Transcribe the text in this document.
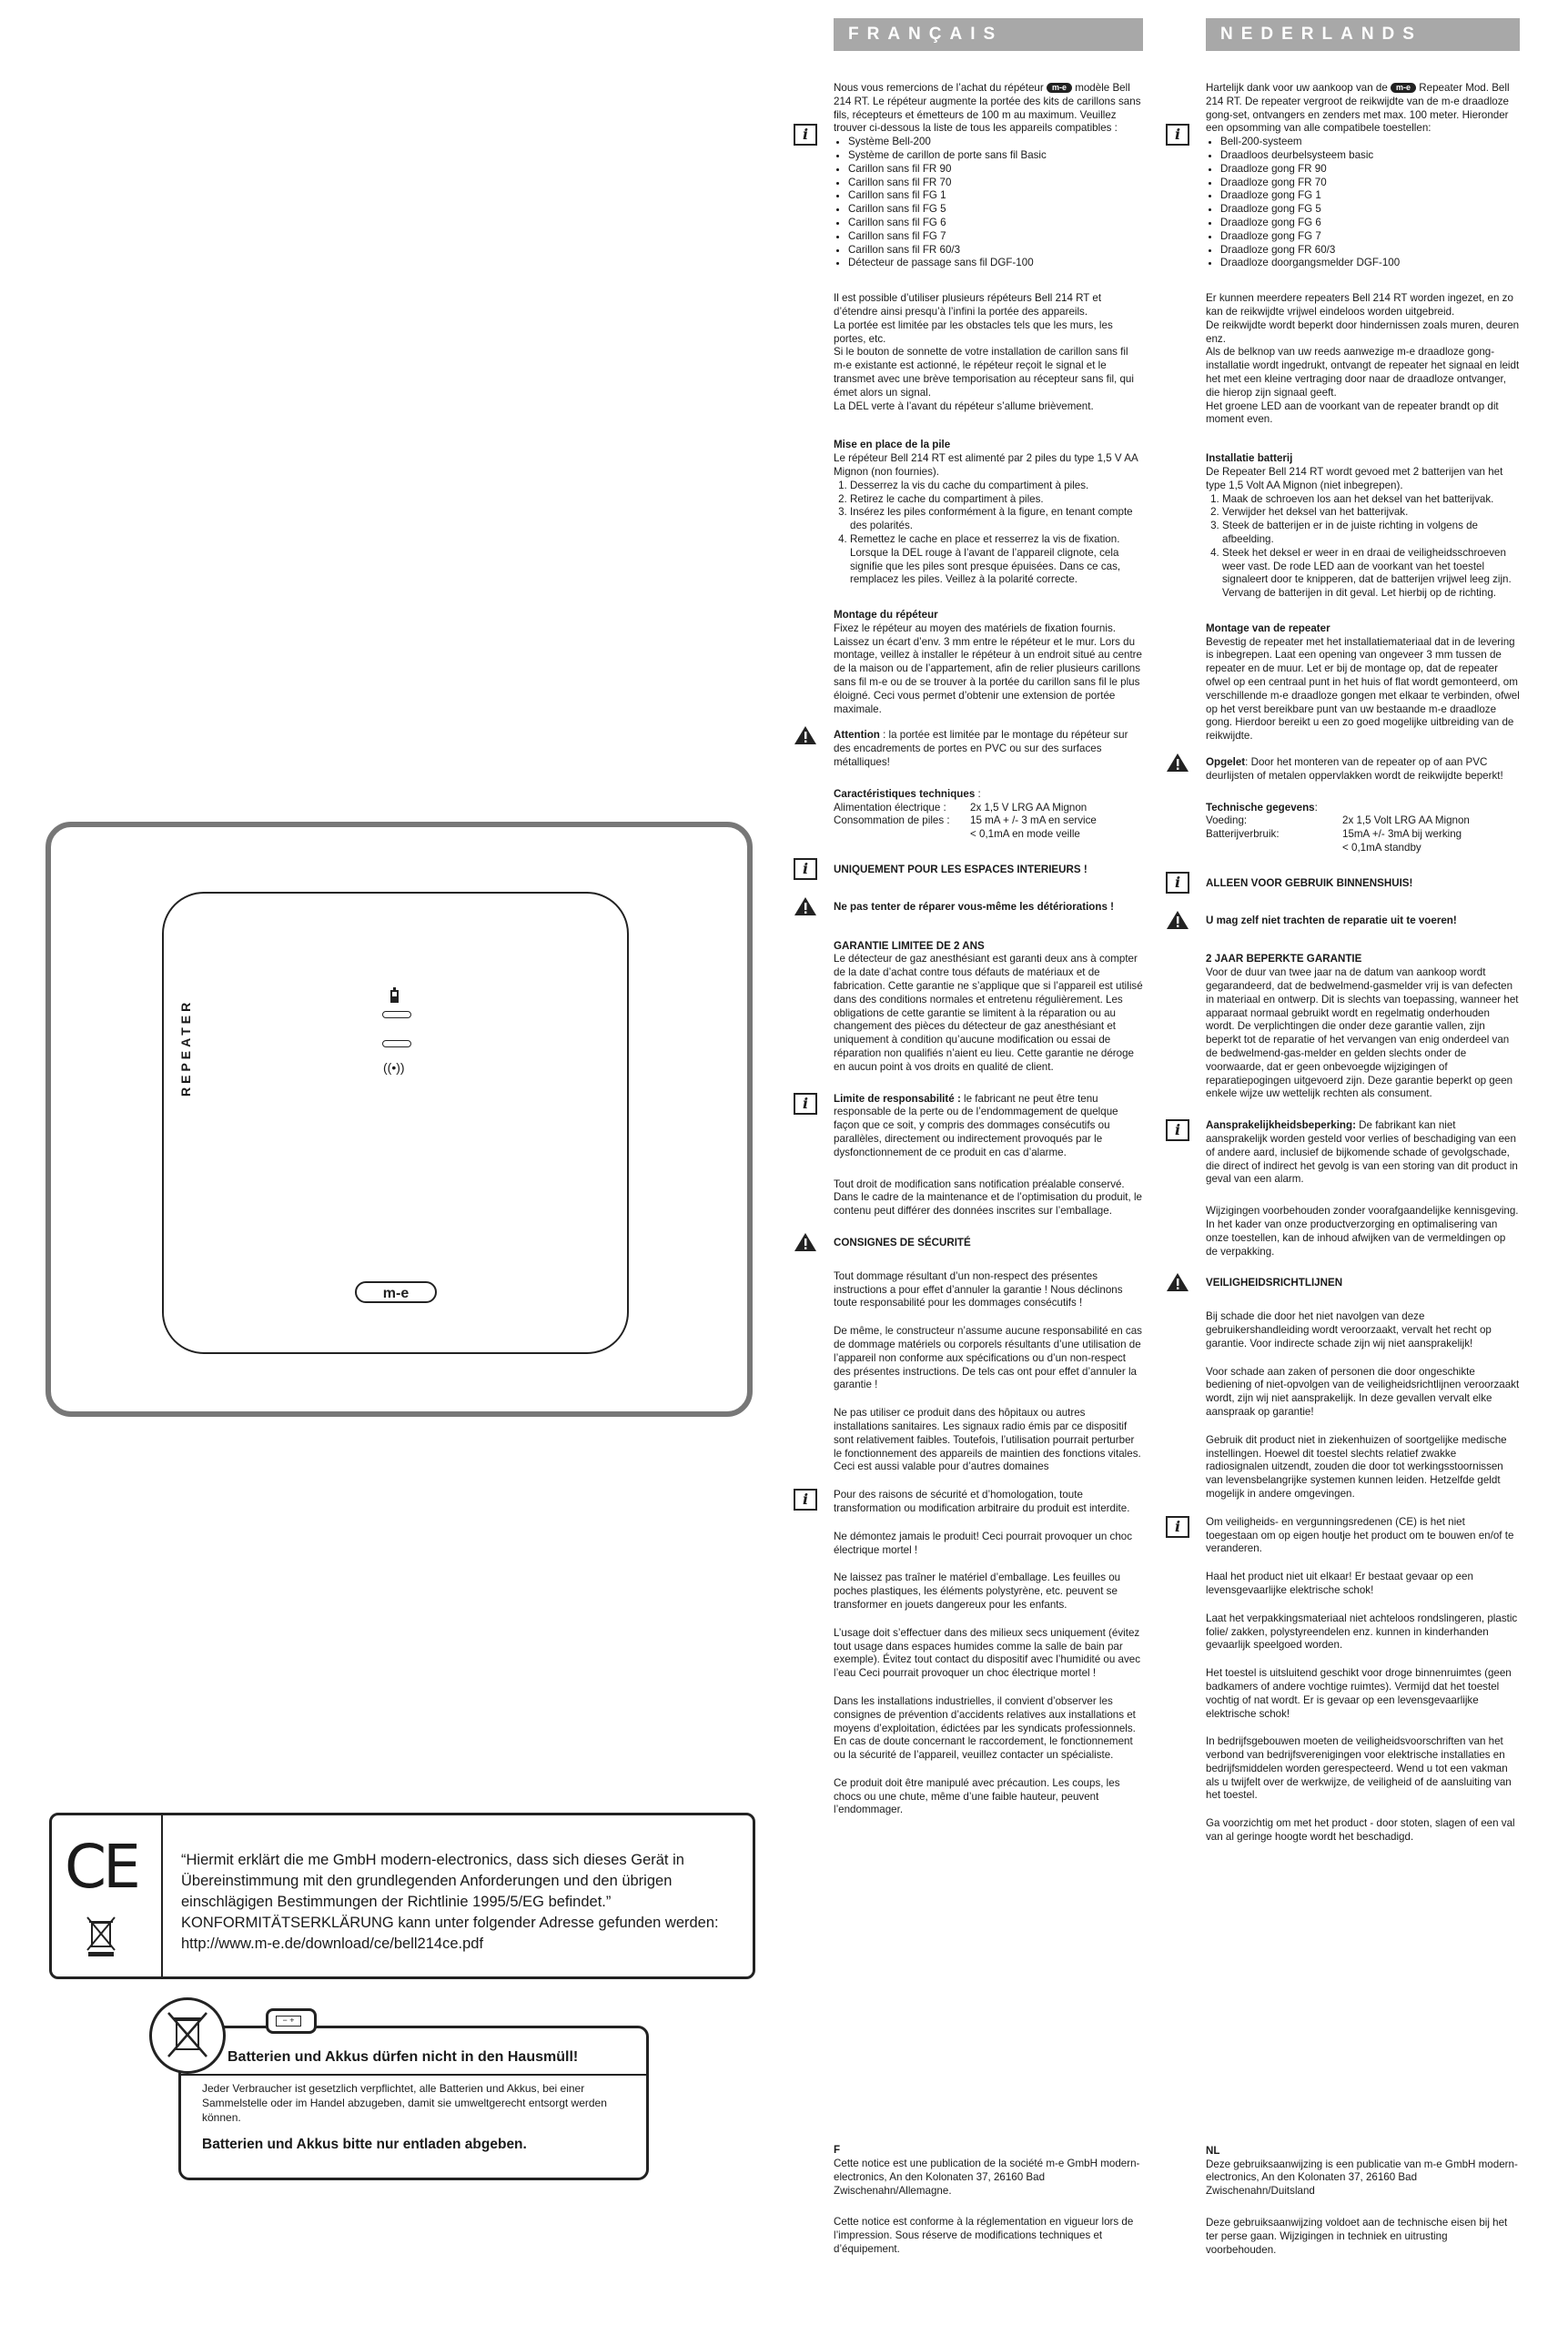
REPEATER	((•))
m-e
CE	“Hiermit erklärt die me GmbH modern-electronics, dass sich dieses Gerät in Übereinstimmung mit den grundlegenden Anforderungen und den übrigen einschlägigen Bestimmungen der Richtlinie 1995/5/EG befindet.” KONFORMITÄTSERKLÄRUNG kann unter folgender Adresse gefunden werden: http://www.m-e.de/download/ce/bell214ce.pdf
− +
Batterien und Akkus dürfen nicht in den Hausmüll!
Jeder Verbraucher ist gesetzlich verpflichtet, alle Batterien und Akkus, bei einer Sammelstelle oder im Handel abzugeben, damit sie umweltgerecht entsorgt werden können.
Batterien und Akkus bitte nur entladen abgeben.
FRANÇAIS
i

Nous vous remercions de l’achat du répéteur m-e modèle Bell 214 RT. Le répéteur augmente la portée des kits de carillons sans fils, récepteurs et émetteurs de 100 m au maximum. Veuillez trouver ci-dessous la liste de tous les appareils compatibles :

• Système Bell-200
• Système de carillon de porte sans fil Basic
• Carillon sans fil FR 90
• Carillon sans fil FR 70
• Carillon sans fil FG 1
• Carillon sans fil FG 5
• Carillon sans fil FG 6
• Carillon sans fil FG 7
• Carillon sans fil FR 60/3
• Détecteur de passage sans fil DGF-100

Il est possible d’utiliser plusieurs répéteurs Bell 214 RT et d’étendre ainsi presqu’à l’infini la portée des appareils.

La portée est limitée par les obstacles tels que les murs, les portes, etc.

Si le bouton de sonnette de votre installation de carillon sans fil m-e existante est actionné, le répéteur reçoit le signal et le transmet avec une brève temporisation au récepteur sans fil, qui émet alors un signal.

La DEL verte à l’avant du répéteur s’allume brièvement.

Mise en place de la pile

Le répéteur Bell 214 RT est alimenté par 2 piles du type 1,5 V AA Mignon (non fournies).

1. Desserrez la vis du cache du compartiment à piles.
2. Retirez le cache du compartiment à piles.
3. Insérez les piles conformément à la figure, en tenant compte des polarités.
4. Remettez le cache en place et resserrez la vis de fixation. Lorsque la DEL rouge à l’avant de l’appareil clignote, cela signifie que les piles sont presque épuisées. Dans ce cas, remplacez les piles. Veillez à la polarité correcte.

Montage du répéteur

Fixez le répéteur au moyen des matériels de fixation fournis. Laissez un écart d’env. 3 mm entre le répéteur et le mur. Lors du montage, veillez à installer le répéteur à un endroit situé au centre de la maison ou de l’appartement, afin de relier plusieurs carillons sans fil m-e ou de se trouver à la portée du carillon sans fil le plus éloigné. Ceci vous permet d’obtenir une extension de portée maximale.

Attention : la portée est limitée par le montage du répéteur sur des encadrements de portes en PVC ou sur des surfaces métalliques!

Caractéristiques techniques :

Alimentation électrique :	2x 1,5 V LRG AA Mignon
Consommation de piles :	15 mA + /- 3 mA en service
< 0,1mA en mode veille
i	UNIQUEMENT POUR LES ESPACES INTERIEURS !

Ne pas tenter de réparer vous-même les détériorations !

GARANTIE LIMITEE DE 2 ANS

Le détecteur de gaz anesthésiant est garanti deux ans à compter de la date d’achat contre tous défauts de matériaux et de fabrication. Cette garantie ne s’applique que si l’appareil est utilisé dans des conditions normales et entretenu régulièrement. Les obligations de cette garantie se limitent à la réparation ou au changement des pièces du détecteur de gaz anesthésiant et uniquement à condition qu’aucune modification ou essai de réparation non qualifiés n’aient eu lieu. Cette garantie ne déroge en aucun point à vos droits en qualité de client.

i	Limite de responsabilité : le fabricant ne peut être tenu responsable de la perte ou de l’endommagement de quelque façon que ce soit, y compris des dommages consécutifs ou parallèles, directement ou indirectement provoqués par le dysfonctionnement de ce produit en cas d’alarme.

Tout droit de modification sans notification préalable conservé. Dans le cadre de la maintenance et de l’optimisation du produit, le contenu peut différer des données inscrites sur l’emballage.

CONSIGNES DE SÉCURITÉ

Tout dommage résultant d’un non-respect des présentes instructions a pour effet d’annuler la garantie ! Nous déclinons toute responsabilité pour les dommages consécutifs !
De même, le constructeur n’assume aucune responsabilité en cas de dommage matériels ou corporels résultants d’une utilisation de l’appareil non conforme aux spécifications ou d’un non-respect des présentes instructions. De tels cas ont pour effet d’annuler la garantie !
Ne pas utiliser ce produit dans des hôpitaux ou autres installations sanitaires. Les signaux radio émis par ce dispositif sont relativement faibles. Toutefois, l’utilisation pourrait perturber le fonctionnement des appareils de maintien des fonctions vitales. Ceci est aussi valable pour d’autres domaines
i	Pour des raisons de sécurité et d’homologation, toute transformation ou modification arbitraire du produit est interdite.

Ne démontez jamais le produit! Ceci pourrait provoquer un choc électrique mortel !
Ne laissez pas traîner le matériel d’emballage. Les feuilles ou poches plastiques, les éléments polystyrène, etc. peuvent se transformer en jouets dangereux pour les enfants.
L’usage doit s’effectuer dans des milieux secs uniquement (évitez tout usage dans espaces humides comme la salle de bain par exemple). Évitez tout contact du dispositif avec l’humidité ou avec l’eau Ceci pourrait provoquer un choc électrique mortel !
Dans les installations industrielles, il convient d’observer les consignes de prévention d’accidents relatives aux installations et moyens d’exploitation, édictées par les syndicats professionnels. En cas de doute concernant le raccordement, le fonctionnement ou la sécurité de l’appareil, veuillez contacter un spécialiste.
Ce produit doit être manipulé avec précaution. Les coups, les chocs ou une chute, même d’une faible hauteur, peuvent l’endommager.

F

Cette notice est une publication de la société m-e GmbH modern-electronics, An den Kolonaten 37, 26160 Bad Zwischenahn/Allemagne.

Cette notice est conforme à la réglementation en vigueur lors de l’impression. Sous réserve de modifications techniques et d’équipement.
NEDERLANDS
i

Hartelijk dank voor uw aankoop van de m-e Repeater Mod. Bell 214 RT. De repeater vergroot de reikwijdte van de m-e draadloze gong-set, ontvangers en zenders met max. 100 meter. Hieronder een opsomming van alle compatibele toestellen:

• Bell-200-systeem
• Draadloos deurbelsysteem basic
• Draadloze gong FR 90
• Draadloze gong FR 70
• Draadloze gong FG 1
• Draadloze gong FG 5
• Draadloze gong FG 6
• Draadloze gong FG 7
• Draadloze gong FR 60/3
• Draadloze doorgangsmelder DGF-100

Er kunnen meerdere repeaters Bell 214 RT worden ingezet, en zo kan de reikwijdte vrijwel eindeloos worden uitgebreid.

De reikwijdte wordt beperkt door hindernissen zoals muren, deuren enz.

Als de belknop van uw reeds aanwezige m-e draadloze gong-installatie wordt ingedrukt, ontvangt de repeater het signaal en leidt het met een kleine vertraging door naar de draadloze ontvanger, die hierop zijn signaal geeft.

Het groene LED aan de voorkant van de repeater brandt op dit moment even.

Installatie batterij

De Repeater Bell 214 RT wordt gevoed met 2 batterijen van het type 1,5 Volt AA Mignon (niet inbegrepen).

1. Maak de schroeven los aan het deksel van het batterijvak.
2. Verwijder het deksel van het batterijvak.
3. Steek de batterijen er in de juiste richting in volgens de afbeelding.
4. Steek het deksel er weer in en draai de veiligheidsschroeven weer vast. De rode LED aan de voorkant van het toestel signaleert door te knipperen, dat de batterijen vrijwel leeg zijn. Vervang de batterijen in dit geval. Let hierbij op de richting.

Montage van de repeater

Bevestig de repeater met het installatiemateriaal dat in de levering is inbegrepen. Laat een opening van ongeveer 3 mm tussen de repeater en de muur. Let er bij de montage op, dat de repeater ofwel op een centraal punt in het huis of flat wordt gemonteerd, om verschillende m-e draadloze gongen met elkaar te verbinden, ofwel op het verst bereikbare punt van uw bestaande m-e draadloze gong. Hierdoor bereikt u een zo goed mogelijke uitbreiding van de reikwijdte.

Opgelet: Door het monteren van de repeater op of aan PVC deurlijsten of metalen oppervlakken wordt de reikwijdte beperkt!

Technische gegevens:

Voeding:	2x 1,5 Volt LRG AA Mignon
Batterijverbruik:	15mA +/- 3mA bij werking
< 0,1mA standby
i	ALLEEN VOOR GEBRUIK BINNENSHUIS!

U mag zelf niet trachten de reparatie uit te voeren!

2 JAAR BEPERKTE GARANTIE

Voor de duur van twee jaar na de datum van aankoop wordt gegarandeerd, dat de bedwelmend-gasmelder vrij is van defecten in materiaal en ontwerp. Dit is slechts van toepassing, wanneer het apparaat normaal gebruikt wordt en regelmatig onderhouden wordt. De verplichtingen die onder deze garantie vallen, zijn beperkt tot de reparatie of het vervangen van enig onderdeel van de bedwelmend-gas-melder en gelden slechts onder de voorwaarde, dat er geen onbevoegde wijzigingen of reparatiepogingen uitgevoerd zijn. Deze garantie beperkt op geen enkele wijze uw wettelijk rechten als consument.

i	Aansprakelijkheidsbeperking: De fabrikant kan niet aansprakelijk worden gesteld voor verlies of beschadiging van een of andere aard, inclusief de bijkomende schade of gevolgschade, die direct of indirect het gevolg is van een storing van dit product in geval van een alarm.

Wijzigingen voorbehouden zonder voorafgaandelijke kennisgeving. In het kader van onze productverzorging en optimalisering van onze toestellen, kan de inhoud afwijken van de vermeldingen op de verpakking.

VEILIGHEIDSRICHTLIJNEN

Bij schade die door het niet navolgen van deze gebruikershandleiding wordt veroorzaakt, vervalt het recht op garantie. Voor indirecte schade zijn wij niet aansprakelijk!
Voor schade aan zaken of personen die door ongeschikte bediening of niet-opvolgen van de veiligheidsrichtlijnen veroorzaakt wordt, zijn wij niet aansprakelijk. In deze gevallen vervalt elke aanspraak op garantie!
Gebruik dit product niet in ziekenhuizen of soortgelijke medische instellingen. Hoewel dit toestel slechts relatief zwakke radiosignalen uitzendt, zouden die door tot werkingsstoornissen van levensbelangrijke systemen kunnen leiden. Hetzelfde geldt mogelijk in andere omgevingen.
i	Om veiligheids- en vergunningsredenen (CE) is het niet toegestaan om op eigen houtje het product om te bouwen en/of te veranderen.

Haal het product niet uit elkaar! Er bestaat gevaar op een levensgevaarlijke elektrische schok!
Laat het verpakkingsmateriaal niet achteloos rondslingeren, plastic folie/ zakken, polystyreendelen enz. kunnen in kinderhanden gevaarlijk speelgoed worden.
Het toestel is uitsluitend geschikt voor droge binnenruimtes (geen badkamers of andere vochtige ruimtes). Vermijd dat het toestel vochtig of nat wordt. Er is gevaar op een levensgevaarlijke elektrische schok!
In bedrijfsgebouwen moeten de veiligheidsvoorschriften van het verbond van bedrijfsverenigingen voor elektrische installaties en bedrijfsmiddelen worden gerespecteerd. Wend u tot een vakman als u twijfelt over de werkwijze, de veiligheid of de aansluiting van het toestel.
Ga voorzichtig om met het product - door stoten, slagen of een val van al geringe hoogte wordt het beschadigd.

NL

Deze gebruiksaanwijzing is een publicatie van m-e GmbH modern-electronics, An den Kolonaten 37, 26160 Bad Zwischenahn/Duitsland

Deze gebruiksaanwijzing voldoet aan de technische eisen bij het ter perse gaan. Wijzigingen in techniek en uitrusting voorbehouden.
